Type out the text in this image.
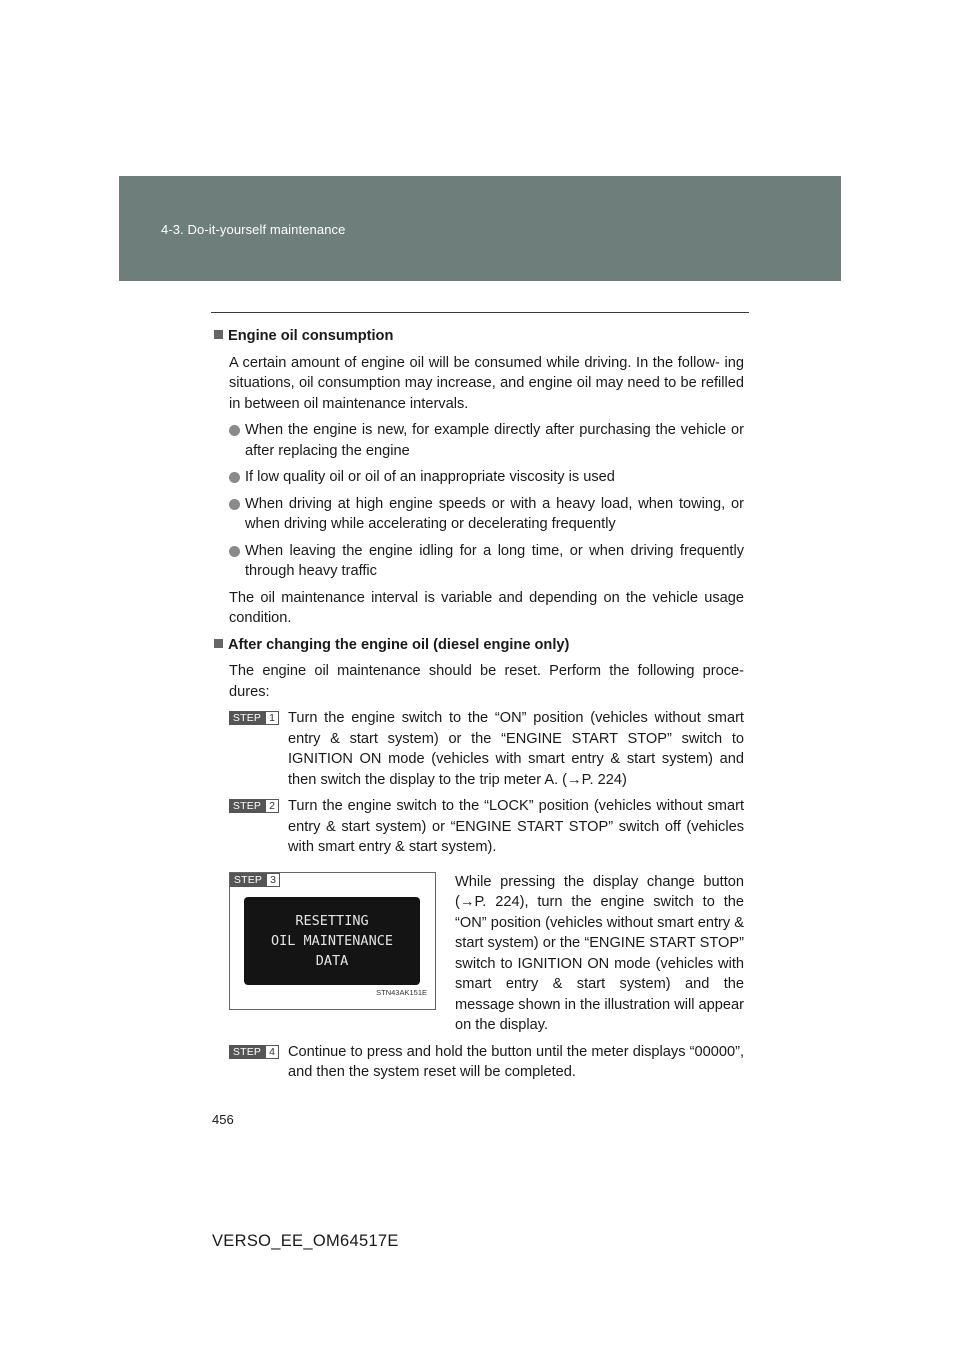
4-3. Do-it-yourself maintenance
Engine oil consumption
A certain amount of engine oil will be consumed while driving. In the follow- ing situations, oil consumption may increase, and engine oil may need to be refilled in between oil maintenance intervals.
When the engine is new, for example directly after purchasing the vehicle or after replacing the engine
If low quality oil or oil of an inappropriate viscosity is used
When driving at high engine speeds or with a heavy load, when towing, or when driving while accelerating or decelerating frequently
When leaving the engine idling for a long time, or when driving frequently through heavy traffic
The oil maintenance interval is variable and depending on the vehicle usage condition.
After changing the engine oil (diesel engine only)
The engine oil maintenance should be reset. Perform the following proce- dures:
STEP 1 Turn the engine switch to the “ON” position (vehicles without smart entry & start system) or the “ENGINE START STOP” switch to IGNITION ON mode (vehicles with smart entry & start system) and then switch the display to the trip meter A. (→P. 224)
STEP 2 Turn the engine switch to the “LOCK” position (vehicles without smart entry & start system) or “ENGINE START STOP” switch off (vehicles with smart entry & start system).
STEP 3
RESETTING
OIL MAINTENANCE
DATA
STN43AK151E
While pressing the display change button (→P. 224), turn the engine switch to the “ON” position (vehicles without smart entry & start system) or the “ENGINE START STOP” switch to IGNITION ON mode (vehicles with smart entry & start system) and the message shown in the illustration will appear on the display.
STEP 4 Continue to press and hold the button until the meter displays “00000”, and then the system reset will be completed.
456
VERSO_EE_OM64517E
